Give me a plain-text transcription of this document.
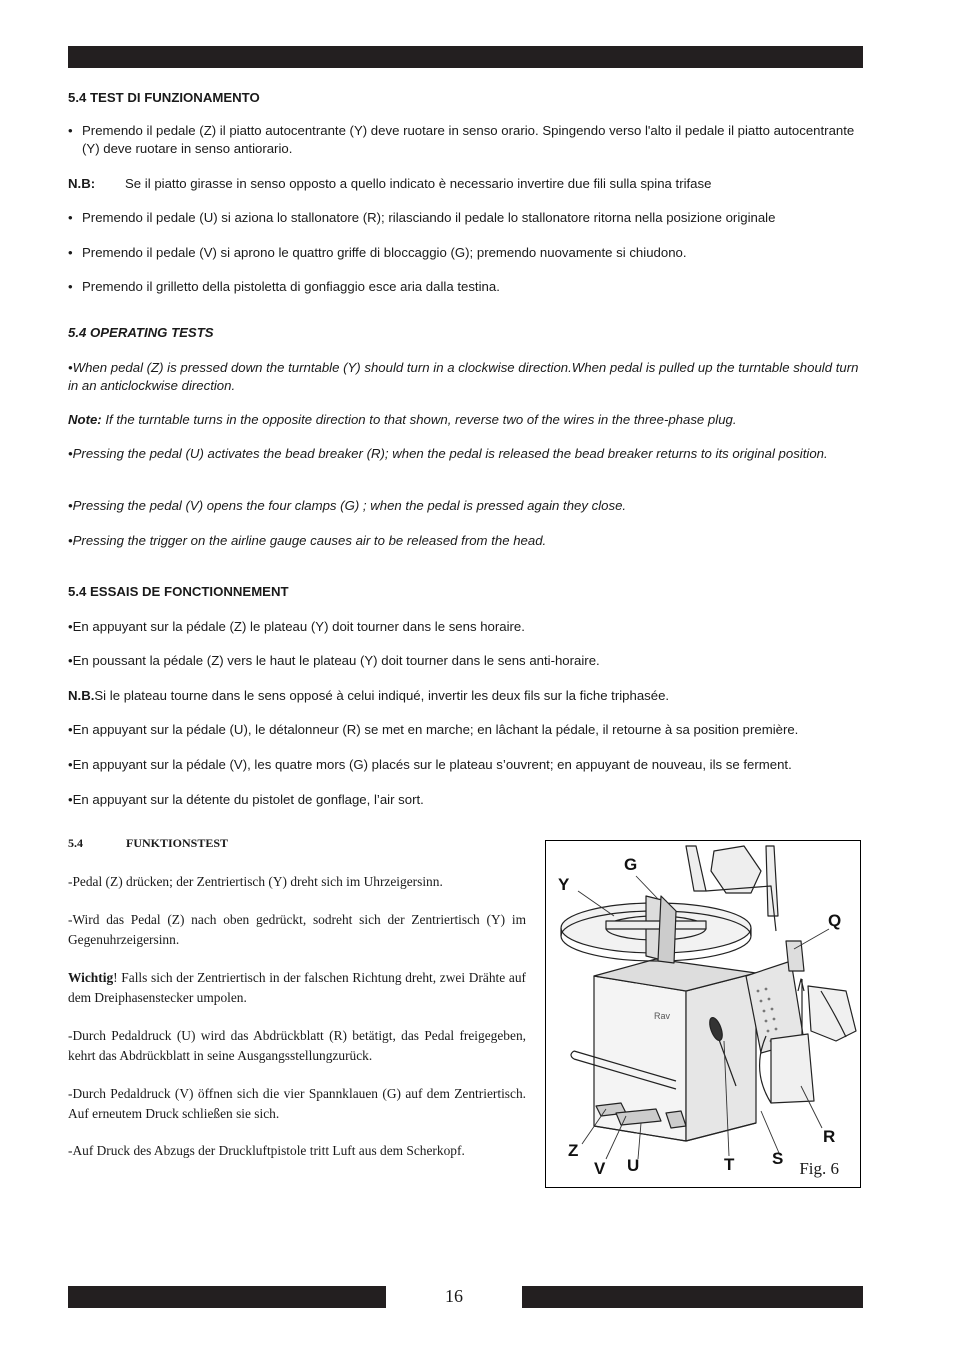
5.4 TEST DI FUNZIONAMENTO
• Premendo il pedale (Z) il piatto autocentrante (Y) deve ruotare in senso orario. Spingendo verso l'alto il pedale il piatto autocentrante (Y) deve ruotare in senso antiorario.
N.B: Se il piatto girasse in senso opposto a quello indicato è necessario invertire due fili sulla spina trifase
• Premendo il pedale (U) si aziona lo stallonatore (R); rilasciando il pedale lo stallonatore ritorna nella posizione originale
• Premendo il pedale (V) si aprono le quattro griffe di bloccaggio (G); premendo nuovamente si chiudono.
• Premendo il grilletto della pistoletta di gonfiaggio esce aria dalla testina.
5.4 OPERATING TESTS
•When pedal (Z) is pressed down the turntable (Y) should turn in a clockwise direction.When pedal is pulled up the turntable should turn in an anticlockwise direction.
Note: If the turntable turns in the opposite direction to that shown, reverse two of the wires in the three-phase plug.
•Pressing the pedal (U) activates the bead breaker (R); when the pedal is released the bead breaker returns to its original position.
•Pressing the pedal (V) opens the four clamps (G) ; when the pedal is pressed again they close.
•Pressing the trigger on the airline gauge causes air to be released from the head.
5.4 ESSAIS DE FONCTIONNEMENT
•En appuyant sur la pédale (Z) le plateau (Y) doit tourner dans le sens horaire.
•En poussant la pédale (Z) vers le haut le plateau (Y) doit tourner dans le sens anti-horaire.
N.B.Si le plateau tourne dans le sens opposé à celui indiqué, invertir les deux fils sur la fiche triphasée.
•En appuyant sur la pédale (U), le détalonneur (R) se met en marche; en lâchant la pédale, il retourne à sa position première.
•En appuyant sur la pédale (V), les quatre mors (G) placés sur le plateau s’ouvrent; en appuyant de nouveau, ils se ferment.
•En appuyant sur la détente du pistolet de gonflage, l’air sort.
5.4	FUNKTIONSTEST
-Pedal (Z) drücken; der Zentriertisch (Y) dreht sich im Uhrzeigersinn.
-Wird das Pedal (Z) nach oben gedrückt, sodreht sich der Zentriertisch (Y) im Gegenuhrzeigersinn.
Wichtig! Falls sich der Zentriertisch in der falschen Richtung dreht, zwei Drähte auf dem Dreiphasenstecker umpolen.
-Durch Pedaldruck (U) wird das Abdrückblatt (R) betätigt, das Pedal freigegeben, kehrt das Abdrückblatt in seine Ausgangsstellungzurück.
-Durch Pedaldruck (V) öffnen sich die vier Spannklauen (G) auf dem Zentriertisch. Auf erneutem Druck schließen sie sich.
-Auf Druck des Abzugs der Druckluftpistole tritt Luft aus dem Scherkopf.
Rav
Y
G
Q
R
Z
V U	T S
Fig. 6
16
